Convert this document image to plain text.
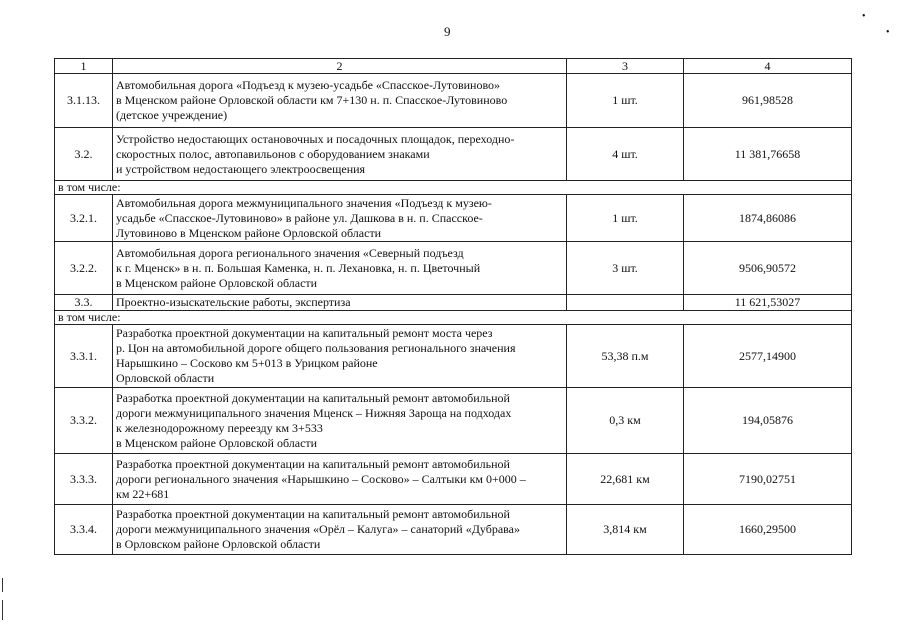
9
•
•
1	2	3	4
3.1.13.	Автомобильная дорога «Подъезд к музею-усадьбе «Спасское-Лутовиново»
в Мценском районе Орловской области км 7+130 н. п. Спасское-Лутовиново
(детское учреждение)	1 шт.	961,98528
3.2.	Устройство недостающих остановочных и посадочных площадок, переходно-
скоростных полос, автопавильонов с оборудованием знаками
и устройством недостающего электроосвещения	4 шт.	11 381,76658
в том числе:			
3.2.1.	Автомобильная дорога межмуниципального значения «Подъезд к музею-
усадьбе «Спасское-Лутовиново» в районе ул. Дашкова в н. п. Спасское-
Лутовиново в Мценском районе Орловской области	1 шт.	1874,86086
3.2.2.	Автомобильная дорога регионального значения «Северный подъезд
к г. Мценск» в н. п. Большая Каменка, н. п. Лехановка, н. п. Цветочный
в Мценском районе Орловской области	3 шт.	9506,90572
3.3.	Проектно-изыскательские работы, экспертиза		11 621,53027
в том числе:			
3.3.1.	Разработка проектной документации на капитальный ремонт моста через
р. Цон на автомобильной дороге общего пользования регионального значения
Нарышкино – Сосково км 5+013 в Урицком районе
Орловской области	53,38 п.м	2577,14900
3.3.2.	Разработка проектной документации на капитальный ремонт автомобильной
дороги межмуниципального значения Мценск – Нижняя Зароща на подходах
к железнодорожному переезду км 3+533
в Мценском районе Орловской области	0,3 км	194,05876
3.3.3.	Разработка проектной документации на капитальный ремонт автомобильной
дороги регионального значения «Нарышкино – Сосково» – Салтыки км 0+000 –
км 22+681	22,681 км	7190,02751
3.3.4.	Разработка проектной документации на капитальный ремонт автомобильной
дороги межмуниципального значения «Орёл – Калуга» – санаторий «Дубрава»
в Орловском районе Орловской области	3,814 км	1660,29500
